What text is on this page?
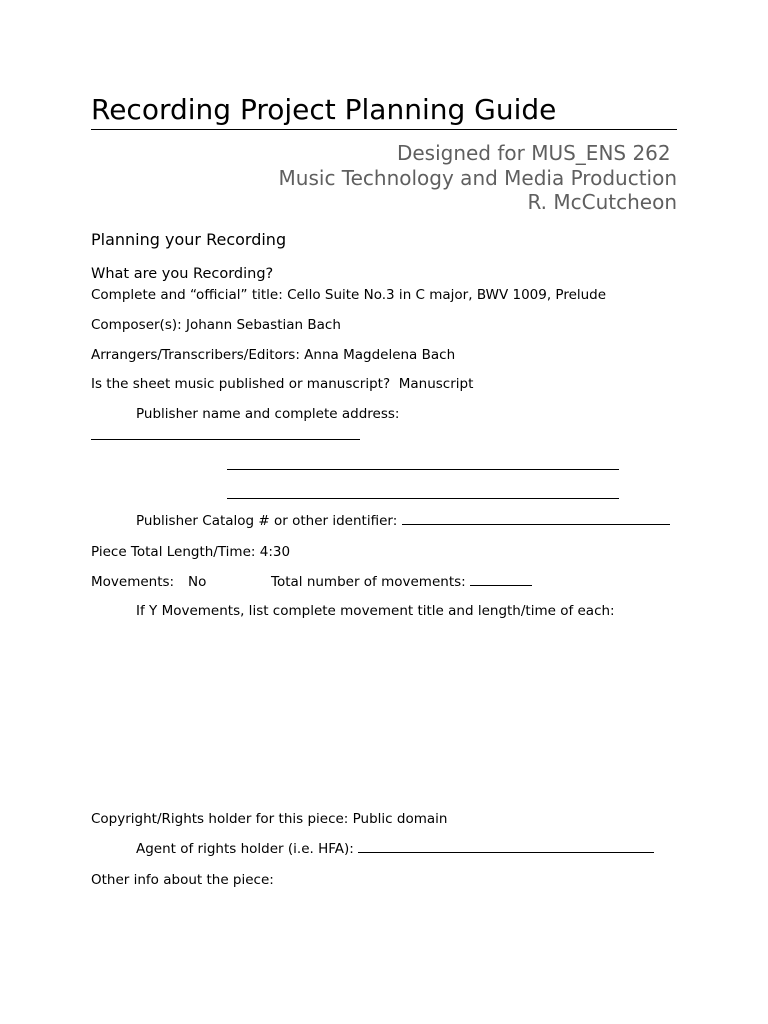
Recording Project Planning Guide
Designed for MUS_ENS 262
Music Technology and Media Production
R. McCutcheon
Planning your Recording
What are you Recording?
Complete and “official” title: Cello Suite No.3 in C major, BWV 1009, Prelude
Composer(s): Johann Sebastian Bach
Arrangers/Transcribers/Editors: Anna Magdelena Bach
Is the sheet music published or manuscript? Manuscript
Publisher name and complete address:
Publisher Catalog # or other identifier:
Piece Total Length/Time: 4:30
Movements: No	Total number of movements:
If Y Movements, list complete movement title and length/time of each:
Copyright/Rights holder for this piece: Public domain
Agent of rights holder (i.e. HFA):
Other info about the piece:
